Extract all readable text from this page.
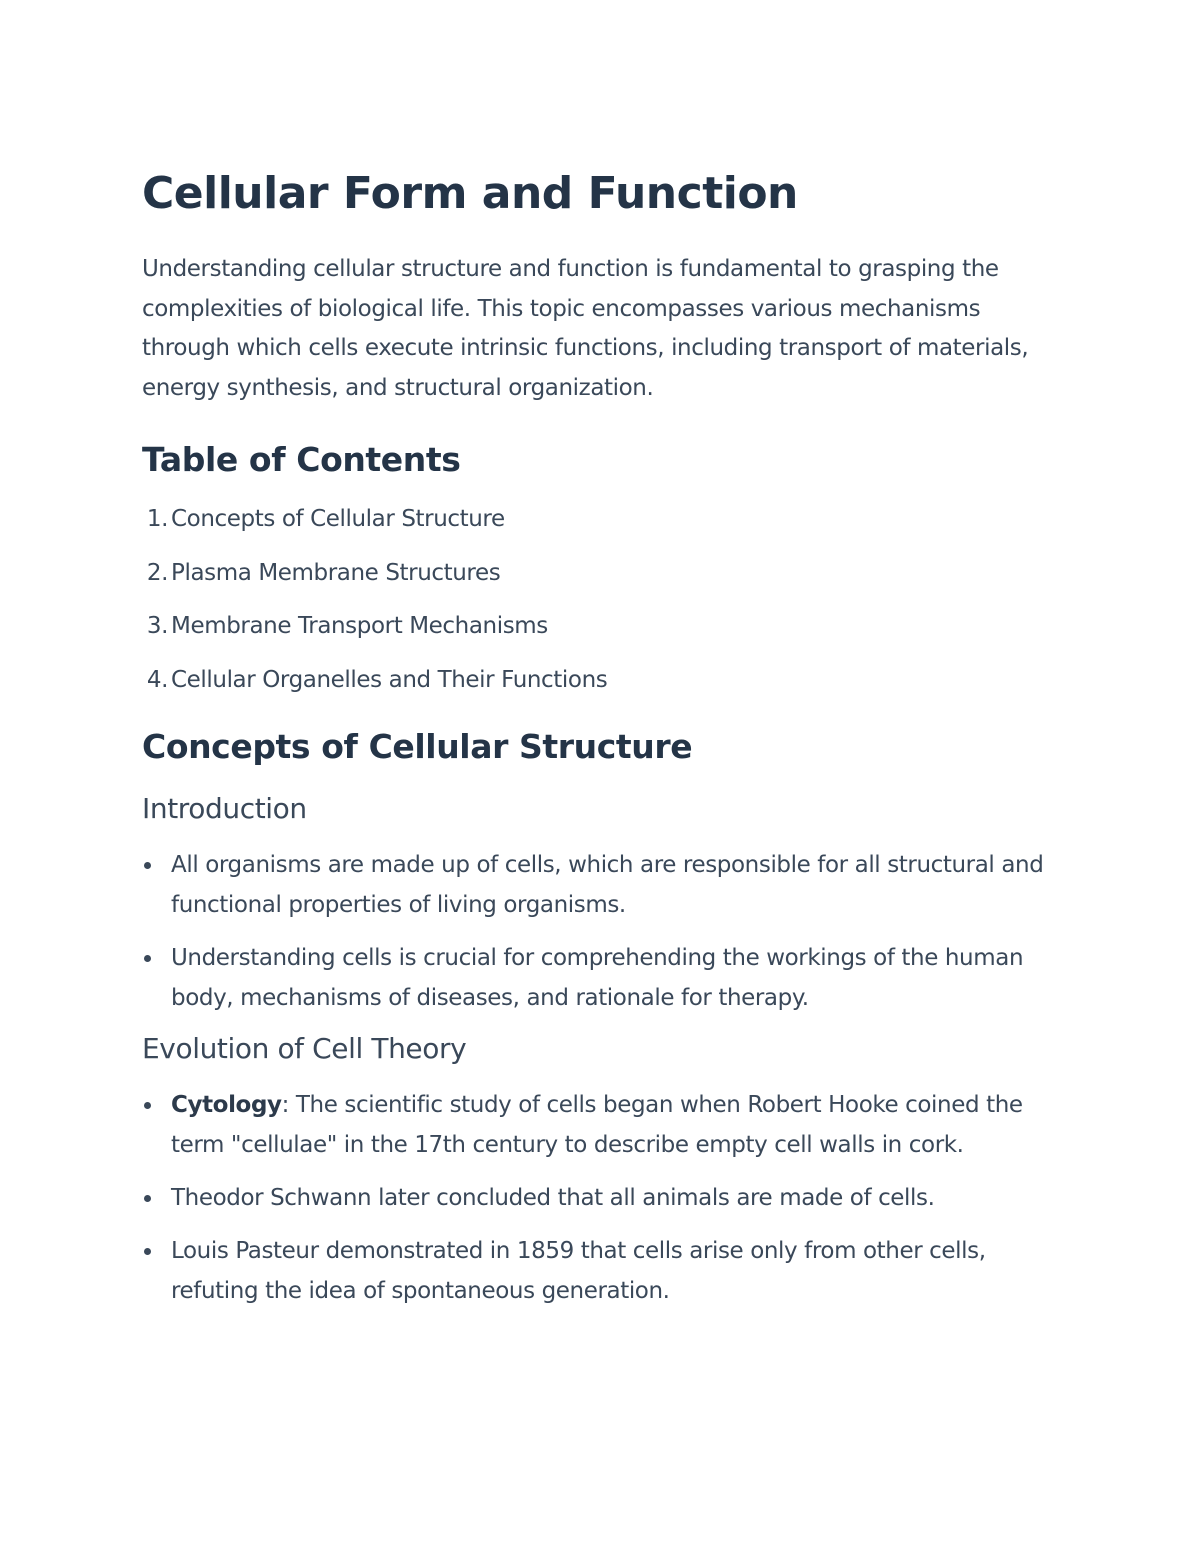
Cellular Form and Function

Understanding cellular structure and function is fundamental to grasping the complexities of biological life. This topic encompasses various mechanisms through which cells execute intrinsic functions, including transport of materials, energy synthesis, and structural organization.

Table of Contents
1. Concepts of Cellular Structure
2. Plasma Membrane Structures
3. Membrane Transport Mechanisms
4. Cellular Organelles and Their Functions
Concepts of Cellular Structure
Introduction
All organisms are made up of cells, which are responsible for all structural and functional properties of living organisms.
Understanding cells is crucial for comprehending the workings of the human body, mechanisms of diseases, and rationale for therapy.
Evolution of Cell Theory
Cytology: The scientific study of cells began when Robert Hooke coined the term "cellulae" in the 17th century to describe empty cell walls in cork.
Theodor Schwann later concluded that all animals are made of cells.
Louis Pasteur demonstrated in 1859 that cells arise only from other cells, refuting the idea of spontaneous generation.
